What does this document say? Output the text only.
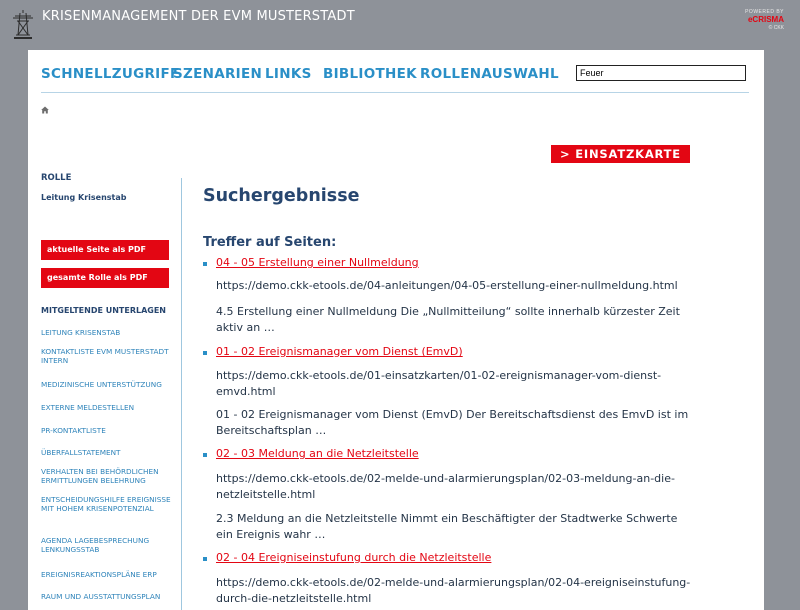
KRISENMANAGEMENT DER EVM MUSTERSTADT	POWERED BY
eCRISMA
© CKK
SCHNELLZUGRIFF
SZENARIEN LINKS BIBLIOTHEK ROLLENAUSWAHL
Feuer
> EINSATZKARTE
ROLLE
Leitung Krisenstab
aktuelle Seite als PDF
gesamte Rolle als PDF
MITGELTENDE UNTERLAGEN
LEITUNG KRISENSTAB
KONTAKTLISTE EVM MUSTERSTADT INTERN
MEDIZINISCHE UNTERSTÜTZUNG
EXTERNE MELDESTELLEN
PR-KONTAKTLISTE
ÜBERFALLSTATEMENT
VERHALTEN BEI BEHÖRDLICHEN ERMITTLUNGEN BELEHRUNG
ENTSCHEIDUNGSHILFE EREIGNISSE MIT HOHEM KRISENPOTENZIAL
AGENDA LAGEBESPRECHUNG LENKUNGSSTAB
EREIGNISREAKTIONSPLÄNE ERP
RAUM UND AUSSTATTUNGSPLAN
Suchergebnisse
Treffer auf Seiten:
04 - 05 Erstellung einer Nullmeldung
https://demo.ckk-etools.de/04-anleitungen/04-05-erstellung-einer-nullmeldung.html
4.5 Erstellung einer Nullmeldung Die „Nullmitteilung“ sollte innerhalb kürzester Zeit aktiv an …
01 - 02 Ereignismanager vom Dienst (EmvD)
https://demo.ckk-etools.de/01-einsatzkarten/01-02-ereignismanager-vom-dienst-emvd.html
01 - 02 Ereignismanager vom Dienst (EmvD) Der Bereitschaftsdienst des EmvD ist im Bereitschaftsplan …
02 - 03 Meldung an die Netzleitstelle
https://demo.ckk-etools.de/02-melde-und-alarmierungsplan/02-03-meldung-an-die-netzleitstelle.html
2.3 Meldung an die Netzleitstelle Nimmt ein Beschäftigter der Stadtwerke Schwerte ein Ereignis wahr …
02 - 04 Ereigniseinstufung durch die Netzleitstelle
https://demo.ckk-etools.de/02-melde-und-alarmierungsplan/02-04-ereigniseinstufung-durch-die-netzleitstelle.html
